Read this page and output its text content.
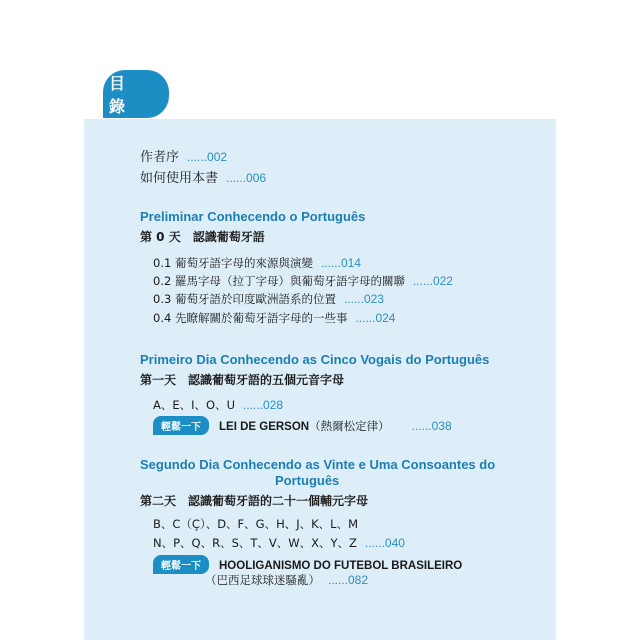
目 錄
作者序 ......002
如何使用本書 ......006
Preliminar Conhecendo o Português
第 0 天　認識葡萄牙語
0.1 葡萄牙語字母的來源與演變 ......014
0.2 羅馬字母（拉丁字母）與葡萄牙語字母的關聯 ......022
0.3 葡萄牙語於印度歐洲語系的位置 ......023
0.4 先瞭解關於葡萄牙語字母的一些事 ......024
Primeiro Dia Conhecendo as Cinco Vogais do Português
第一天　認識葡萄牙語的五個元音字母
A、E、I、O、U ......028
輕鬆一下 LEI DE GERSON（熱爾松定律） ......038
Segundo Dia Conhecendo as Vinte e Uma Consoantes do
Português
第二天　認識葡萄牙語的二十一個輔元字母
B、C（Ç）、D、F、G、H、J、K、L、M
N、P、Q、R、S、T、V、W、X、Y、Z ......040
輕鬆一下 HOOLIGANISMO DO FUTEBOL BRASILEIRO
（巴西足球球迷騷亂） ......082
